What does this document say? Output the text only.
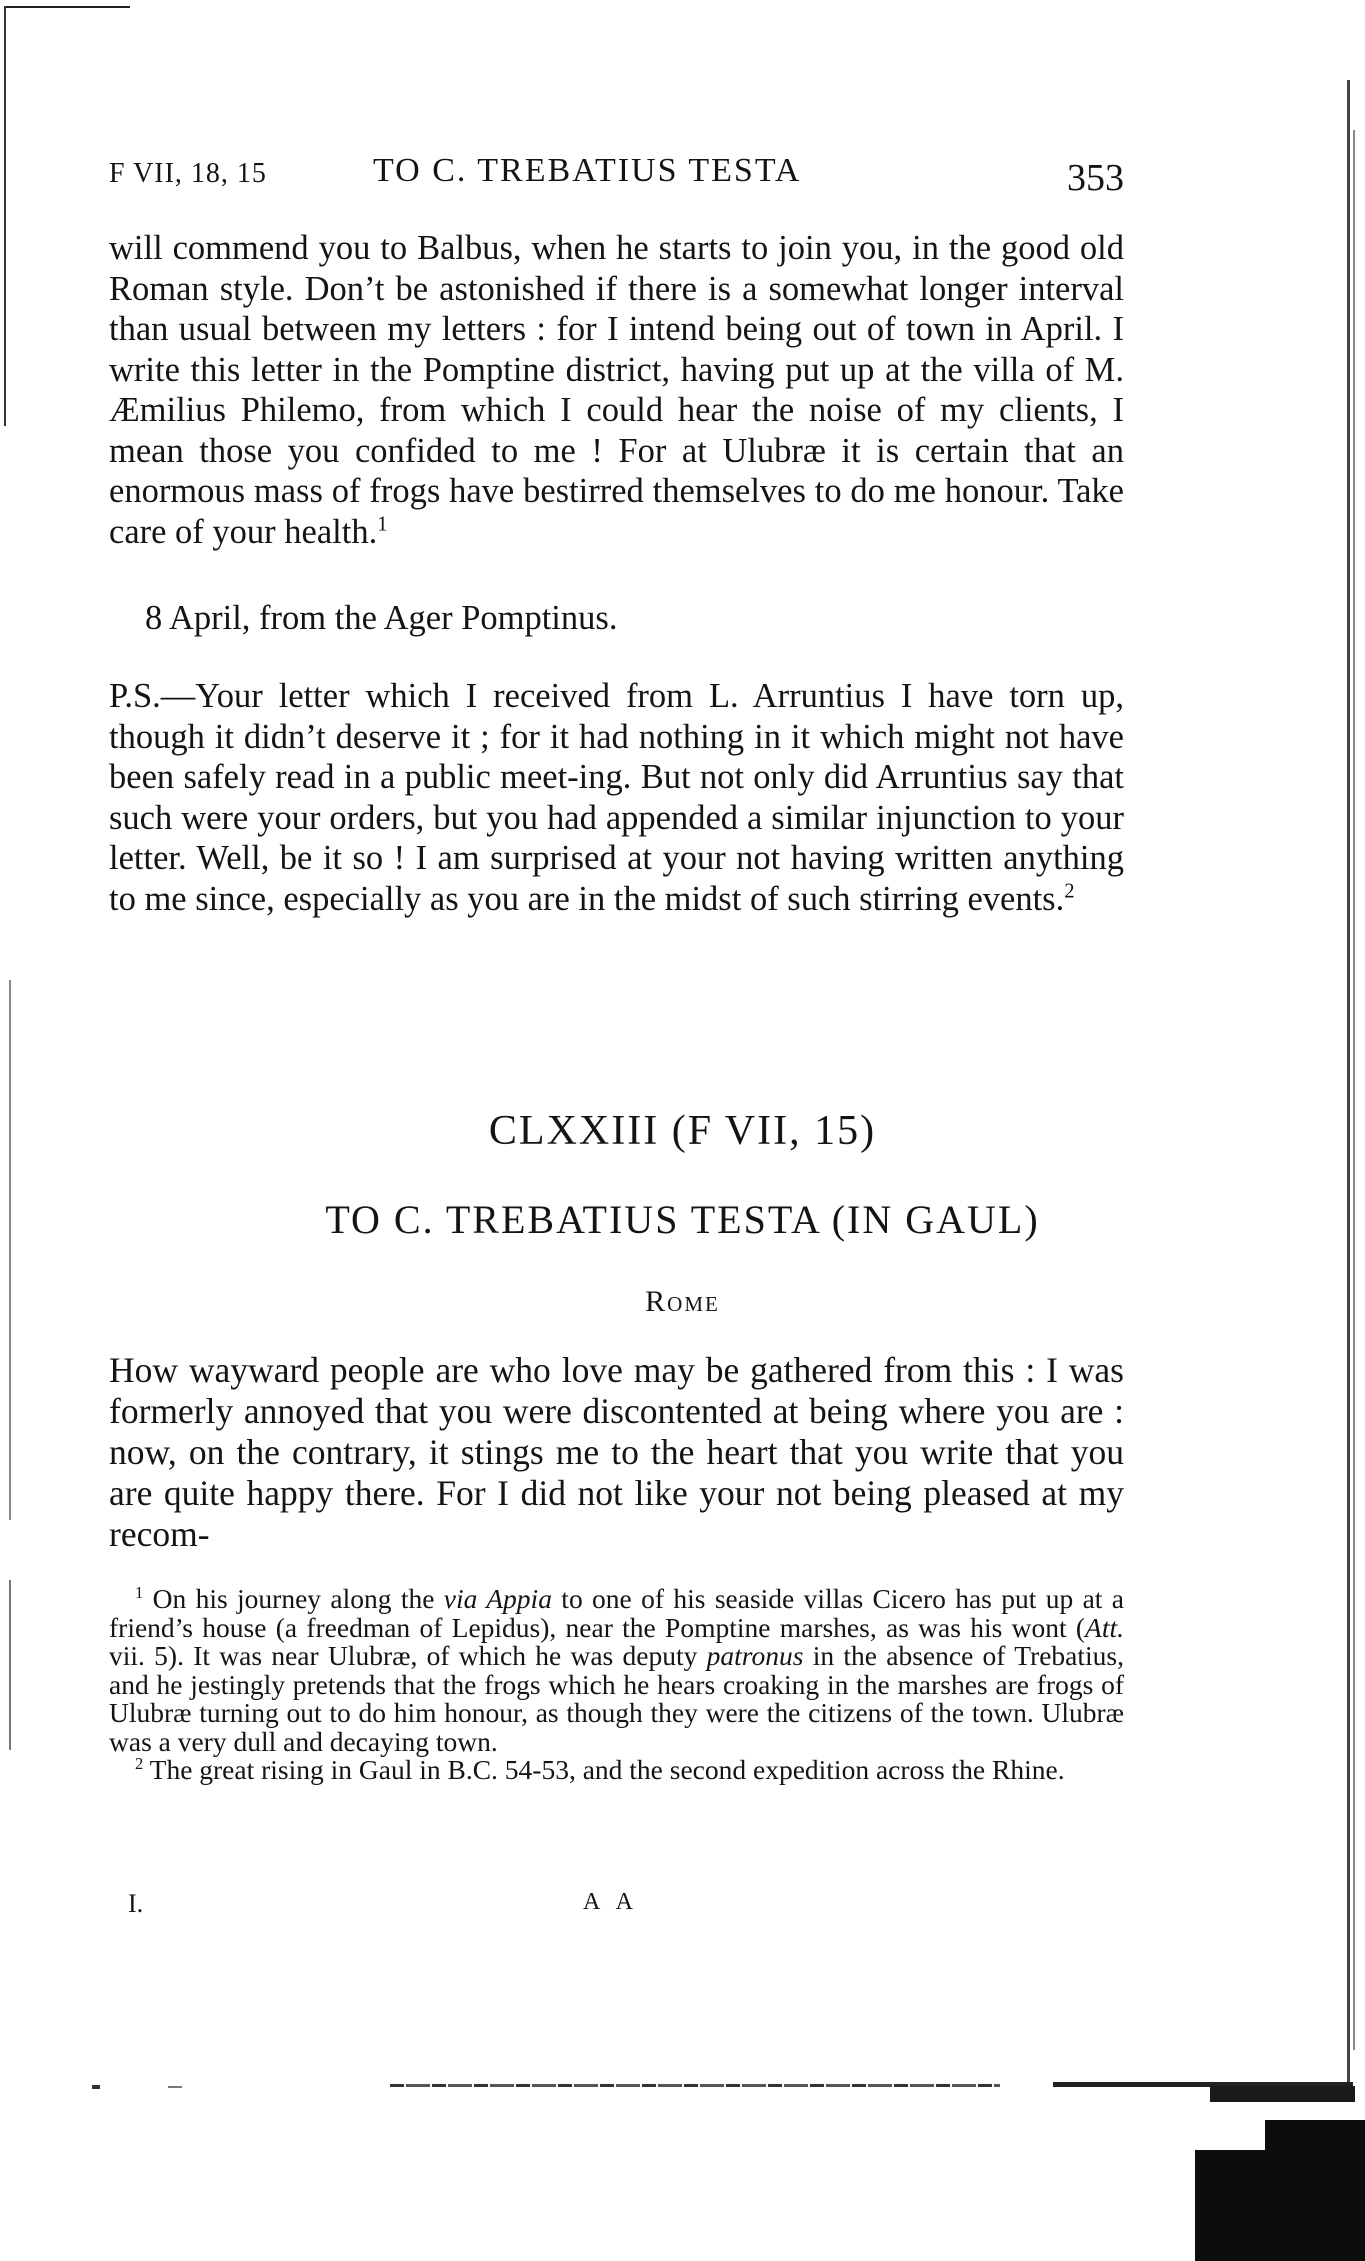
F VII, 18, 15	TO C. TREBATIUS TESTA	353
will commend you to Balbus, when he starts to join you, in the good old Roman style. Don’t be astonished if there is a somewhat longer interval than usual between my letters : for I intend being out of town in April. I write this letter in the Pomptine district, having put up at the villa of M. Æmilius Philemo, from which I could hear the noise of my clients, I mean those you confided to me ! For at Ulubræ it is certain that an enormous mass of frogs have bestirred themselves to do me honour. Take care of your health.$^1$
8 April, from the Ager Pomptinus.
P.S.—Your letter which I received from L. Arruntius I have torn up, though it didn’t deserve it ; for it had nothing in it which might not have been safely read in a public meet-ing. But not only did Arruntius say that such were your orders, but you had appended a similar injunction to your letter. Well, be it so ! I am surprised at your not having written anything to me since, especially as you are in the midst of such stirring events.$^2$
CLXXIII (F VII, 15)
TO C. TREBATIUS TESTA (IN GAUL)
Rome
How wayward people are who love may be gathered from this : I was formerly annoyed that you were discontented at being where you are : now, on the contrary, it stings me to the heart that you write that you are quite happy there. For I did not like your not being pleased at my recom-

$^1$ On his journey along the via Appia to one of his seaside villas Cicero has put up at a friend’s house (a freedman of Lepidus), near the Pomptine marshes, as was his wont (Att. vii. 5). It was near Ulubræ, of which he was deputy patronus in the absence of Trebatius, and he jestingly pretends that the frogs which he hears croaking in the marshes are frogs of Ulubræ turning out to do him honour, as though they were the citizens of the town. Ulubræ was a very dull and decaying town.

$^2$ The great rising in Gaul in B.C. 54-53, and the second expedition across the Rhine.

I.	A A
